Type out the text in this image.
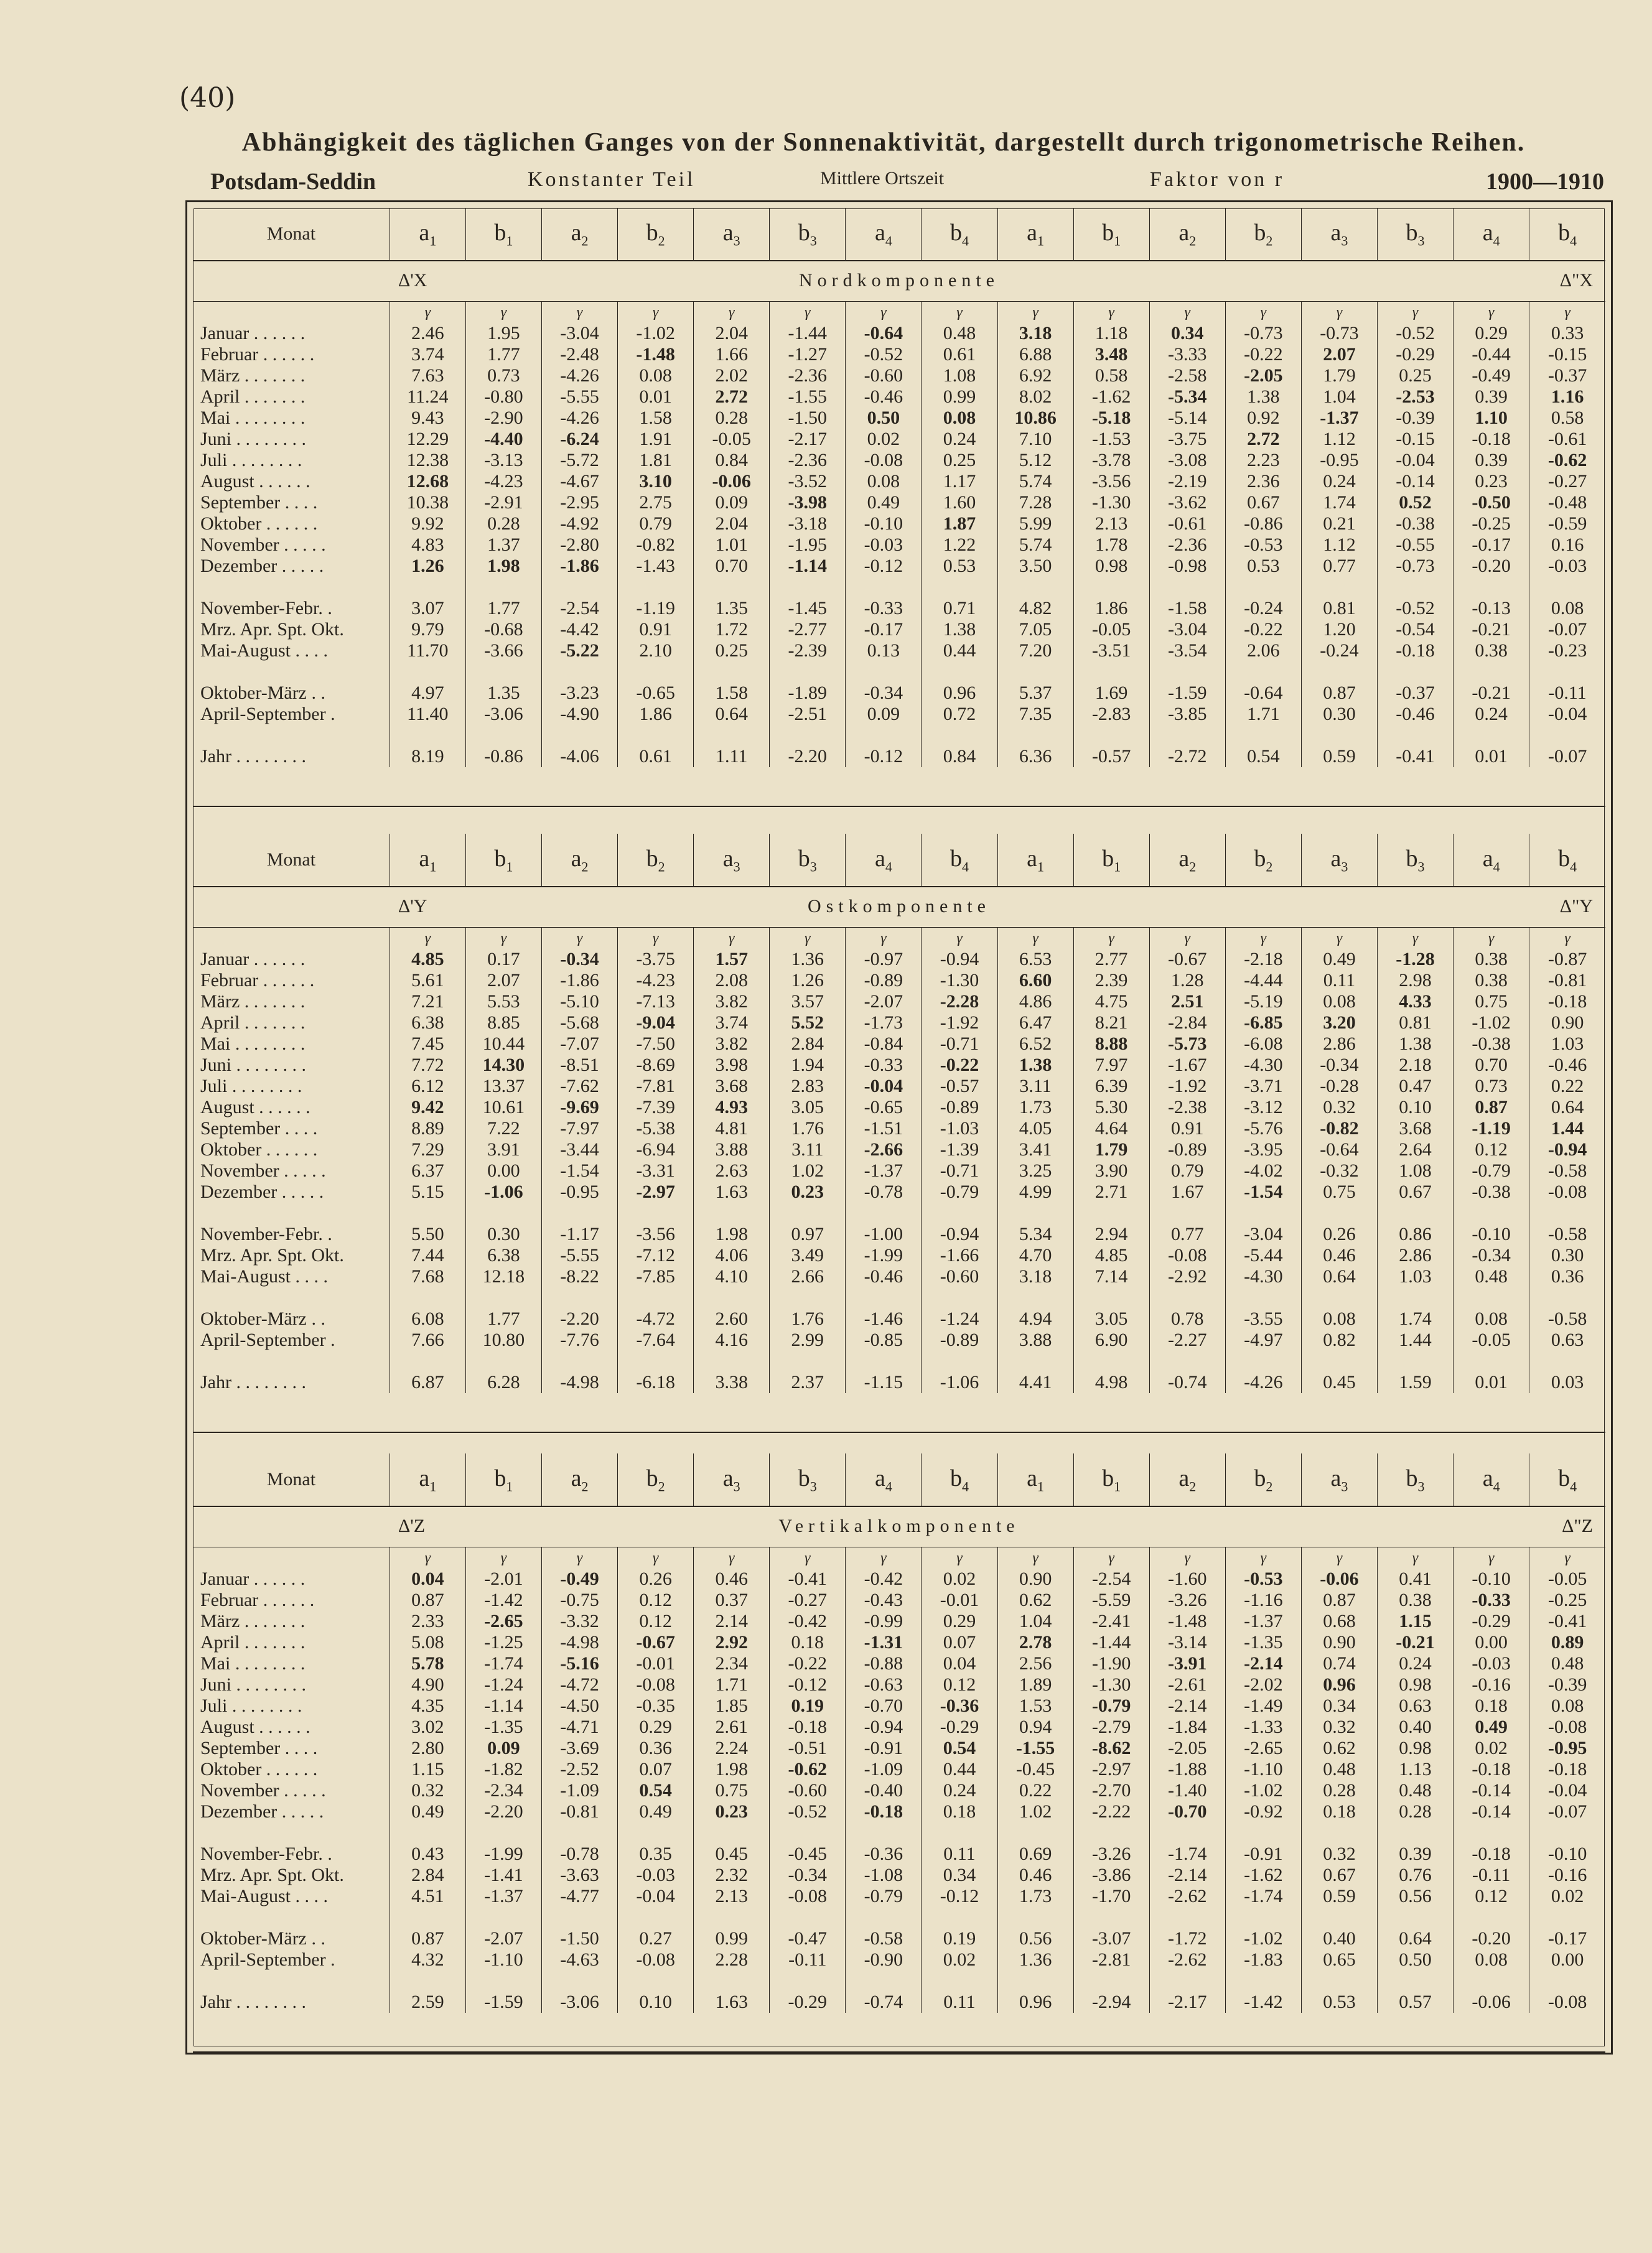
(40)
Abhängigkeit des täglichen Ganges von der Sonnenaktivität, dargestellt durch trigonometrische Reihen.
Potsdam-Seddin	Konstanter Teil	Mittlere Ortszeit	Faktor von r	1900—1910
Monat	$a_1$	$b_1$	$a_2$	$b_2$	$a_3$	$b_3$	$a_4$	$b_4$	$a_1$	$b_1$	$a_2$	$b_2$	$a_3$	$b_3$	$a_4$	$b_4$

Δ'X Nordkomponente Δ"X																

	γ	γ	γ	γ	γ	γ	γ	γ	γ	γ	γ	γ	γ	γ	γ	γ
Januar . . . . . .	2.46	1.95	-3.04	-1.02	2.04	-1.44	-0.64	0.48	3.18	1.18	0.34	-0.73	-0.73	-0.52	0.29	0.33
Februar . . . . . .	3.74	1.77	-2.48	-1.48	1.66	-1.27	-0.52	0.61	6.88	3.48	-3.33	-0.22	2.07	-0.29	-0.44	-0.15
März . . . . . . .	7.63	0.73	-4.26	0.08	2.02	-2.36	-0.60	1.08	6.92	0.58	-2.58	-2.05	1.79	0.25	-0.49	-0.37
April . . . . . . .	11.24	-0.80	-5.55	0.01	2.72	-1.55	-0.46	0.99	8.02	-1.62	-5.34	1.38	1.04	-2.53	0.39	1.16
Mai . . . . . . . .	9.43	-2.90	-4.26	1.58	0.28	-1.50	0.50	0.08	10.86	-5.18	-5.14	0.92	-1.37	-0.39	1.10	0.58
Juni . . . . . . . .	12.29	-4.40	-6.24	1.91	-0.05	-2.17	0.02	0.24	7.10	-1.53	-3.75	2.72	1.12	-0.15	-0.18	-0.61
Juli . . . . . . . .	12.38	-3.13	-5.72	1.81	0.84	-2.36	-0.08	0.25	5.12	-3.78	-3.08	2.23	-0.95	-0.04	0.39	-0.62
August . . . . . .	12.68	-4.23	-4.67	3.10	-0.06	-3.52	0.08	1.17	5.74	-3.56	-2.19	2.36	0.24	-0.14	0.23	-0.27
September . . . .	10.38	-2.91	-2.95	2.75	0.09	-3.98	0.49	1.60	7.28	-1.30	-3.62	0.67	1.74	0.52	-0.50	-0.48
Oktober . . . . . .	9.92	0.28	-4.92	0.79	2.04	-3.18	-0.10	1.87	5.99	2.13	-0.61	-0.86	0.21	-0.38	-0.25	-0.59
November . . . . .	4.83	1.37	-2.80	-0.82	1.01	-1.95	-0.03	1.22	5.74	1.78	-2.36	-0.53	1.12	-0.55	-0.17	0.16
Dezember . . . . .	1.26	1.98	-1.86	-1.43	0.70	-1.14	-0.12	0.53	3.50	0.98	-0.98	0.53	0.77	-0.73	-0.20	-0.03

November-Febr. .	3.07	1.77	-2.54	-1.19	1.35	-1.45	-0.33	0.71	4.82	1.86	-1.58	-0.24	0.81	-0.52	-0.13	0.08
Mrz. Apr. Spt. Okt.	9.79	-0.68	-4.42	0.91	1.72	-2.77	-0.17	1.38	7.05	-0.05	-3.04	-0.22	1.20	-0.54	-0.21	-0.07
Mai-August . . . .	11.70	-3.66	-5.22	2.10	0.25	-2.39	0.13	0.44	7.20	-3.51	-3.54	2.06	-0.24	-0.18	0.38	-0.23

Oktober-März . .	4.97	1.35	-3.23	-0.65	1.58	-1.89	-0.34	0.96	5.37	1.69	-1.59	-0.64	0.87	-0.37	-0.21	-0.11
April-September .	11.40	-3.06	-4.90	1.86	0.64	-2.51	0.09	0.72	7.35	-2.83	-3.85	1.71	0.30	-0.46	0.24	-0.04

Jahr . . . . . . . .	8.19	-0.86	-4.06	0.61	1.11	-2.20	-0.12	0.84	6.36	-0.57	-2.72	0.54	0.59	-0.41	0.01	-0.07

Monat	$a_1$	$b_1$	$a_2$	$b_2$	$a_3$	$b_3$	$a_4$	$b_4$	$a_1$	$b_1$	$a_2$	$b_2$	$a_3$	$b_3$	$a_4$	$b_4$

Δ'Y Ostkomponente Δ"Y																

	γ	γ	γ	γ	γ	γ	γ	γ	γ	γ	γ	γ	γ	γ	γ	γ
Januar . . . . . .	4.85	0.17	-0.34	-3.75	1.57	1.36	-0.97	-0.94	6.53	2.77	-0.67	-2.18	0.49	-1.28	0.38	-0.87
Februar . . . . . .	5.61	2.07	-1.86	-4.23	2.08	1.26	-0.89	-1.30	6.60	2.39	1.28	-4.44	0.11	2.98	0.38	-0.81
März . . . . . . .	7.21	5.53	-5.10	-7.13	3.82	3.57	-2.07	-2.28	4.86	4.75	2.51	-5.19	0.08	4.33	0.75	-0.18
April . . . . . . .	6.38	8.85	-5.68	-9.04	3.74	5.52	-1.73	-1.92	6.47	8.21	-2.84	-6.85	3.20	0.81	-1.02	0.90
Mai . . . . . . . .	7.45	10.44	-7.07	-7.50	3.82	2.84	-0.84	-0.71	6.52	8.88	-5.73	-6.08	2.86	1.38	-0.38	1.03
Juni . . . . . . . .	7.72	14.30	-8.51	-8.69	3.98	1.94	-0.33	-0.22	1.38	7.97	-1.67	-4.30	-0.34	2.18	0.70	-0.46
Juli . . . . . . . .	6.12	13.37	-7.62	-7.81	3.68	2.83	-0.04	-0.57	3.11	6.39	-1.92	-3.71	-0.28	0.47	0.73	0.22
August . . . . . .	9.42	10.61	-9.69	-7.39	4.93	3.05	-0.65	-0.89	1.73	5.30	-2.38	-3.12	0.32	0.10	0.87	0.64
September . . . .	8.89	7.22	-7.97	-5.38	4.81	1.76	-1.51	-1.03	4.05	4.64	0.91	-5.76	-0.82	3.68	-1.19	1.44
Oktober . . . . . .	7.29	3.91	-3.44	-6.94	3.88	3.11	-2.66	-1.39	3.41	1.79	-0.89	-3.95	-0.64	2.64	0.12	-0.94
November . . . . .	6.37	0.00	-1.54	-3.31	2.63	1.02	-1.37	-0.71	3.25	3.90	0.79	-4.02	-0.32	1.08	-0.79	-0.58
Dezember . . . . .	5.15	-1.06	-0.95	-2.97	1.63	0.23	-0.78	-0.79	4.99	2.71	1.67	-1.54	0.75	0.67	-0.38	-0.08

November-Febr. .	5.50	0.30	-1.17	-3.56	1.98	0.97	-1.00	-0.94	5.34	2.94	0.77	-3.04	0.26	0.86	-0.10	-0.58
Mrz. Apr. Spt. Okt.	7.44	6.38	-5.55	-7.12	4.06	3.49	-1.99	-1.66	4.70	4.85	-0.08	-5.44	0.46	2.86	-0.34	0.30
Mai-August . . . .	7.68	12.18	-8.22	-7.85	4.10	2.66	-0.46	-0.60	3.18	7.14	-2.92	-4.30	0.64	1.03	0.48	0.36

Oktober-März . .	6.08	1.77	-2.20	-4.72	2.60	1.76	-1.46	-1.24	4.94	3.05	0.78	-3.55	0.08	1.74	0.08	-0.58
April-September .	7.66	10.80	-7.76	-7.64	4.16	2.99	-0.85	-0.89	3.88	6.90	-2.27	-4.97	0.82	1.44	-0.05	0.63

Jahr . . . . . . . .	6.87	6.28	-4.98	-6.18	3.38	2.37	-1.15	-1.06	4.41	4.98	-0.74	-4.26	0.45	1.59	0.01	0.03

Monat	$a_1$	$b_1$	$a_2$	$b_2$	$a_3$	$b_3$	$a_4$	$b_4$	$a_1$	$b_1$	$a_2$	$b_2$	$a_3$	$b_3$	$a_4$	$b_4$

Δ'Z Vertikalkomponente Δ"Z																

	γ	γ	γ	γ	γ	γ	γ	γ	γ	γ	γ	γ	γ	γ	γ	γ
Januar . . . . . .	0.04	-2.01	-0.49	0.26	0.46	-0.41	-0.42	0.02	0.90	-2.54	-1.60	-0.53	-0.06	0.41	-0.10	-0.05
Februar . . . . . .	0.87	-1.42	-0.75	0.12	0.37	-0.27	-0.43	-0.01	0.62	-5.59	-3.26	-1.16	0.87	0.38	-0.33	-0.25
März . . . . . . .	2.33	-2.65	-3.32	0.12	2.14	-0.42	-0.99	0.29	1.04	-2.41	-1.48	-1.37	0.68	1.15	-0.29	-0.41
April . . . . . . .	5.08	-1.25	-4.98	-0.67	2.92	0.18	-1.31	0.07	2.78	-1.44	-3.14	-1.35	0.90	-0.21	0.00	0.89
Mai . . . . . . . .	5.78	-1.74	-5.16	-0.01	2.34	-0.22	-0.88	0.04	2.56	-1.90	-3.91	-2.14	0.74	0.24	-0.03	0.48
Juni . . . . . . . .	4.90	-1.24	-4.72	-0.08	1.71	-0.12	-0.63	0.12	1.89	-1.30	-2.61	-2.02	0.96	0.98	-0.16	-0.39
Juli . . . . . . . .	4.35	-1.14	-4.50	-0.35	1.85	0.19	-0.70	-0.36	1.53	-0.79	-2.14	-1.49	0.34	0.63	0.18	0.08
August . . . . . .	3.02	-1.35	-4.71	0.29	2.61	-0.18	-0.94	-0.29	0.94	-2.79	-1.84	-1.33	0.32	0.40	0.49	-0.08
September . . . .	2.80	0.09	-3.69	0.36	2.24	-0.51	-0.91	0.54	-1.55	-8.62	-2.05	-2.65	0.62	0.98	0.02	-0.95
Oktober . . . . . .	1.15	-1.82	-2.52	0.07	1.98	-0.62	-1.09	0.44	-0.45	-2.97	-1.88	-1.10	0.48	1.13	-0.18	-0.18
November . . . . .	0.32	-2.34	-1.09	0.54	0.75	-0.60	-0.40	0.24	0.22	-2.70	-1.40	-1.02	0.28	0.48	-0.14	-0.04
Dezember . . . . .	0.49	-2.20	-0.81	0.49	0.23	-0.52	-0.18	0.18	1.02	-2.22	-0.70	-0.92	0.18	0.28	-0.14	-0.07

November-Febr. .	0.43	-1.99	-0.78	0.35	0.45	-0.45	-0.36	0.11	0.69	-3.26	-1.74	-0.91	0.32	0.39	-0.18	-0.10
Mrz. Apr. Spt. Okt.	2.84	-1.41	-3.63	-0.03	2.32	-0.34	-1.08	0.34	0.46	-3.86	-2.14	-1.62	0.67	0.76	-0.11	-0.16
Mai-August . . . .	4.51	-1.37	-4.77	-0.04	2.13	-0.08	-0.79	-0.12	1.73	-1.70	-2.62	-1.74	0.59	0.56	0.12	0.02

Oktober-März . .	0.87	-2.07	-1.50	0.27	0.99	-0.47	-0.58	0.19	0.56	-3.07	-1.72	-1.02	0.40	0.64	-0.20	-0.17
April-September .	4.32	-1.10	-4.63	-0.08	2.28	-0.11	-0.90	0.02	1.36	-2.81	-2.62	-1.83	0.65	0.50	0.08	0.00

Jahr . . . . . . . .	2.59	-1.59	-3.06	0.10	1.63	-0.29	-0.74	0.11	0.96	-2.94	-2.17	-1.42	0.53	0.57	-0.06	-0.08
